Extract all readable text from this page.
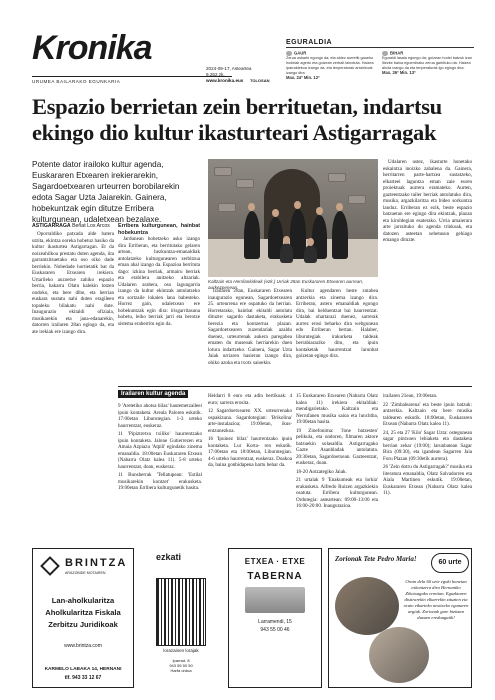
Kronika
URUMEA BAILARAKO EGUNKARIA
2024-09-17, Asteartea
9.262 zk.
www.kronika.eus	TOLOSAN
EGURALDIA
GAUR
Zerua oskarbi egongo da; eta aldez aurretik gaueko hodeiak agertu eta goizean zerbait lainotuta. Haizea iparraldekoa izango da, eta tenperaturak antzekoak izango dira.
Max. 24º Min. 12º
BIHAR
Eguraldi lasaia egongo da; goizean hodei batzuk izan litezke baina eguerdirako zerua garbituko da. Haizea ahula izango da eta tenperaturak igo egingo dira.
Max. 26º Min. 13º
Espazio berrietan zein berrituetan, indartsu ekingo dio kultur ikasturteari Astigarragak
Potente dator irailoko kultur agenda, Euskararen Etxearen irekierarekin, Sagardoetxearen urteurren borobilarekin edota Sagar Uzta Jaiarekin. Gainera, hobekuntzak egin ditutze Erribera kulturgunean, udaletxean bezalaxe.
ASTIGARRAGA Beñat Los Arcos

Oporraldiko patxada alde batera utzita, ekintza ooreka hobetuz hasiko da kultur ikasturtea Astigarragan. Et da noizeahilkoa prestatu duten agenda, iita garrantzitsuetako eta oso oiko dade berriekin. Nobedade hortietatik bat da Euskararen Etxearen irekiera. Urtarileko auzoetxe zahiko espazio berria, hakarra Olatu kalekin lotzen ondoko, eta bere dibe, eta herrian euskara sustatu nahi duten eragileen topaleku bilakatu nahi dute. Inaugurazio ekitaldi ofiziala, musikarekin eta jana-edanarekin, datorren irailaren 28an egingo da, eta ate irekiak ere izango dira.

Erribera kulturgunean, hainbat hobekuntza

Jardunean hobetzeko asko izango dira Erriberan, eta berritutako gelaren artean, hezkuntza-emanaldiak antolatzeko kulturgunearen zerbitzua eman ahal izango da. Espazioa berrituta dago: izkina berriak, armairu berriak eta erabilera anitzeko altzariak. Udalaren arabera, oso lagungarria izango da kultur ekintzak antolatzeko eta sortzaile lokalen lana babesteko. Horrez gain, udaletxean ere hobekuntzak egin dira: irisgarritasuna hobetu, leiho berriak jarri eta berotze sistema eraberritu egin da.

Kaltzain eta Herrilankideak (ezk.) Urriak 28an Euskararen Etxearen aurrean, aurkezpenean

Udalaren ustez, ikasturte honetako eskaintza inoizko zabalena da. Gainera, herritarren parte-hartzea sustatzeko, elkarteei laguntza eman zaie euren proiektuak aurrera eramateko. Aurten, gazteentzako tailer berriak antolatuko dira, musika, argazkilaritza eta bideo sorkuntza landuz. Erriberan ez ezik, beste espazio batzuetan ere egingo dira ekintzak, plazan eta kiroldegian esaterako. Urria amaierara arte jarraituko du agenda trinkoak, eta datozen asteetan xehetasun gehiago emango dituzte.

Irailaren 28an, Euskararen Etxearen inaugurazio egunean, Sagardoetxearen 25. urteurrena ere ospatuko da herrian. Horretarako, hainbat ekitaldi antolatu dituzte: sagardo dastaketa, erakusketa berezia eta kontzertua plazan. Sagardoetxearen zuzendariak azaldu duenez, urteurrenak aukera paregabea ematen du museoak herriarekin duen lotura indartzeko. Gainera, Sagar Uzta Jaiak urriaren hasieran izango dira, ohiko azoka eta txotx saioekin.

Kultur agendaren beste zutabea antzerkia eta zinema izango dira. Erriberan, astero emanaldiak egongo dira, bai helduentzat bai haurrentzat. Udalak ohartarazi duenez, sarrerak aurrez erosi beharko dira webgunean edo Erriberan bertan. Halaber, liburutegiak irakurketa taldeak berrabiaraziko ditu, eta ipuin kontaketak haurrentzat larunbat goizetan egingo dira.

Irailaren kultur agenda

9 'Aretetiko ahotsa bilaz' hautemetzaileei ipuin kontaketa. Areala Paloren eskutik. 17:00etan Liburutegian. 1-3 urteko haurrentzat, euskeraz.

11 'Pipiztretxo txiliko' haurrentzako ipuin kontaketa. Jalone Gutierrezen eta Amaia Azpiazu 'Atpiñ' egindako zinema emanaldia. 18:00etan Euskararen Etxean (Nabarra Olatz kalea 11). 5-8 urteko haurrentzat, doan, euskeraz.

11 Bunsberrak 'Tellatupean: 'Estilal musikarekin kontzet' erakusketa. 19:00etan Erribera kulturgunetik hasita.

Heldarri 8 euro eta adin bertikoak: 4 euro; sarrera erosita.

12 Sagardoetxearen XX. urteurrenako ospakizuna. Sagardotegian: 'Brikolina' arte-instalazioa; 19:00etan, ikus-entzunezkoa.

16 'Ipuinez bilaz' haurrentzako ipuin kontaketa. Lur Korta- ren eskutik. 17:00etan eta 18:00etan, Liburutegian. 4-6 urteko haurrentzat, euskeraz. Doakoa da, baina gonbidapena hartu behar da.

15 Euskararen Etxearen (Nabarra Olatz kalea 11) irekiera ekitaldiak: mendigarietako. Kaltzain eta Nerrufanen musika saioa eta lunchtba, 19:00etan hasita.

19 Zinefonima: 'Jone batzesten' pelikula, eta ondoren, filmaren aktore batzuekin solasaldia. Astigarragako Gazte Asanbladak antolatuta. 20:30etan, Sagardoetxean. Gazteentzat, euskeraz, doan.

18-20 Aotzategiko Jaiak.

21 urtalak 9 'Enakumeak eta lorkia' erakusketa. Alfredo Ruizen argazkiekin osatuta. Erribera kulturgunean. Ordutegia: asteartean: 09:00-13:00 eta 16:00-20:00. Inaugurazioa.

irailaren 21ean, 19:00etan.

22 'Zimbalearena' eta beste ipuin batzuk: antzerkia. Kaltzain eta bere musika taldearen eskutik. 18:00etan, Euskararen Etxean (Nabarra Olatz kalea 11).

24, 25 eta 27 'Kilo' Sagar Uzta: ostegunean sagar pintxoen lehiaketa eta dastaketa herrian zehar (19:00); larunbatean Sagar Bira (09:30), eta igandean Sagarren Jaia Foru Plazan (09:30etik aurrera).

26 'Zein dotru du Astigarragak?' musika eta literatura emanaldia, Olatz Salvadorren eta Aiala Martinen eskutik. 19:00etan, Euskararen Etxean (Nabarra Olatz kalea 11).

BRINTZA
ARAZOBIDE MOTAIREN
Lan-aholkularitza
Aholkularitza Fiskala
Zerbitzu Juridikoak
www.brintza.com
KARMELO LABAKA 14, HERNANI
tlf. 943 33 12 67
ezkati
lorazainen lorajak
Iparrad. 8
943 55 50 50
Harfa ordua
ETXEA · ETXE
TABERNA
Larramendi, 15
943 55 00 46
Zorionak Tete Pedro Maria!	60 urte
Orain dela 60 urte egoki honetan eskontzera dira Hernaniko Zikotxagako ermitan. Eguzkiaren distirarekin elkarrekin zituzten eta orain etkarteko nesitxeko egunaren argiak. Zorionak gure bizitzan duzuen ereduagatik!
